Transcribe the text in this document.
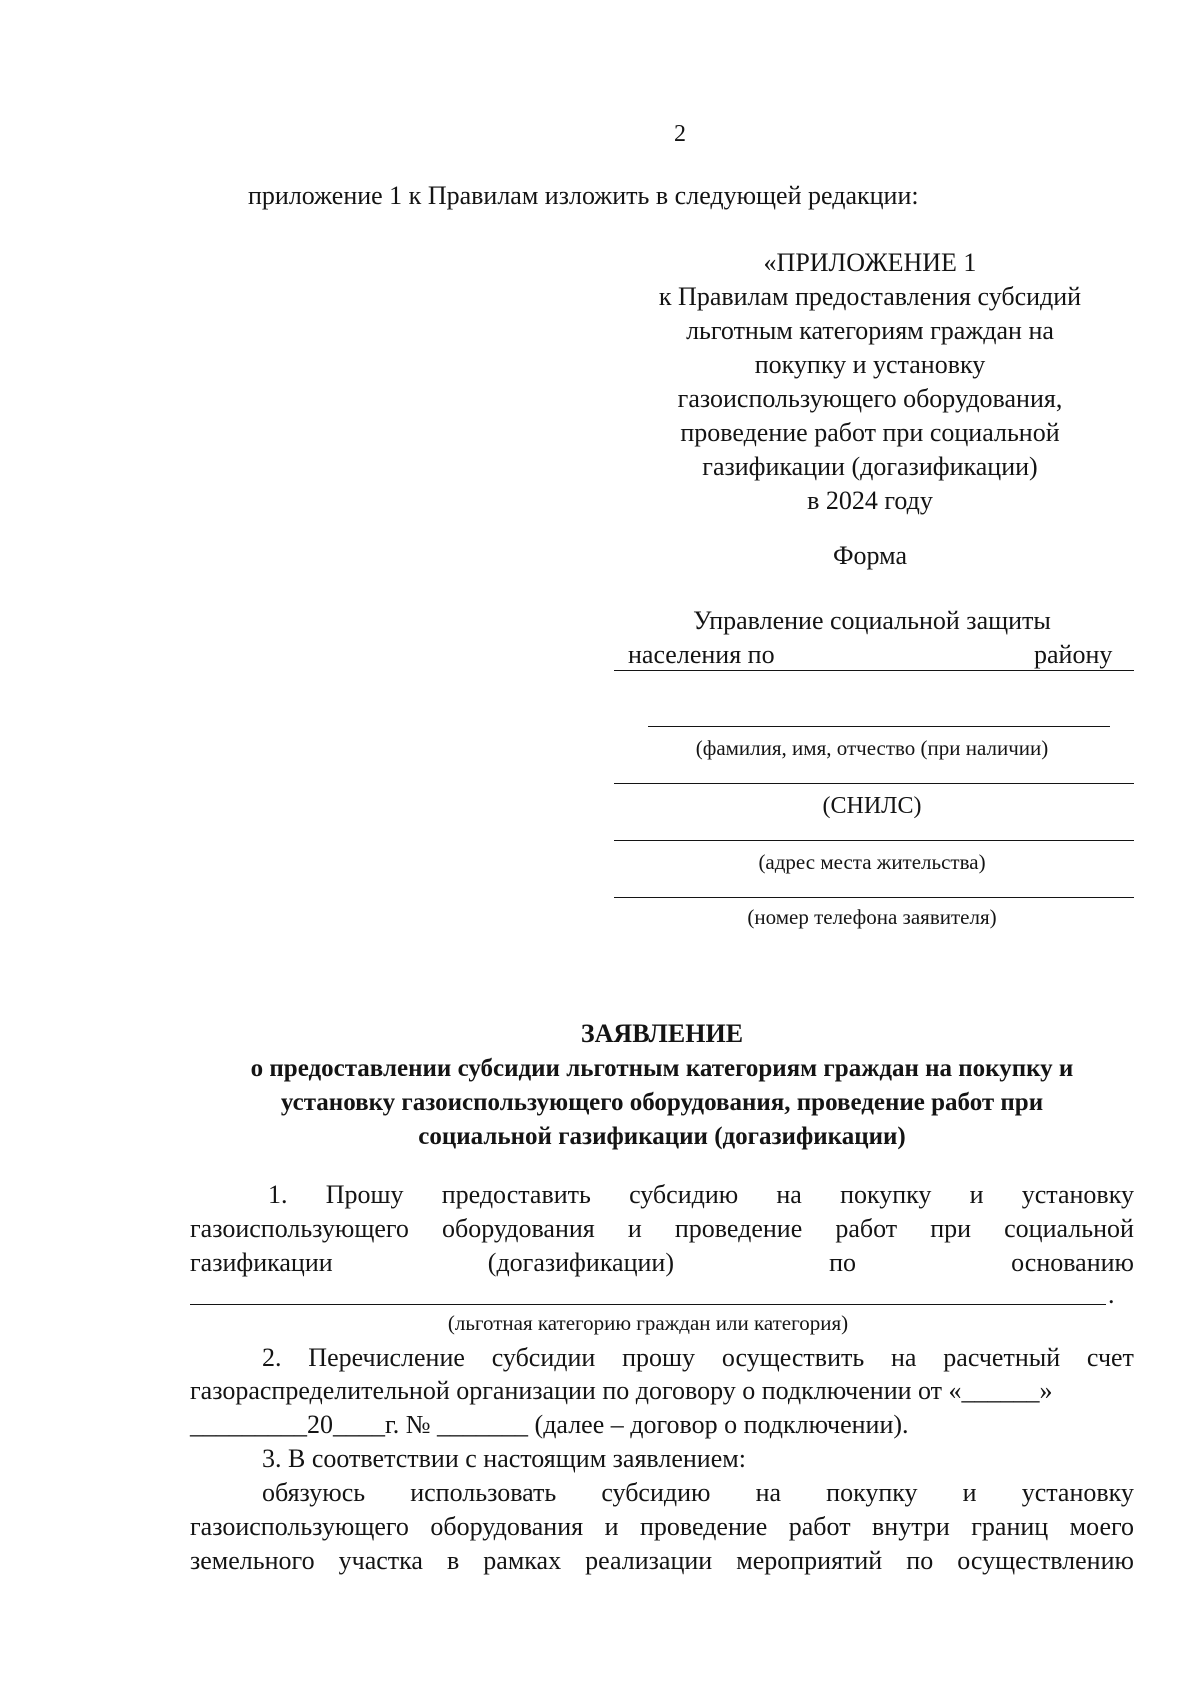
2
приложение 1 к Правилам изложить в следующей редакции:
«ПРИЛОЖЕНИЕ 1
к Правилам предоставления субсидий
льготным категориям граждан на
покупку и установку
газоиспользующего оборудования,
проведение работ при социальной
газификации (догазификации)
в 2024 году
Форма
Управление социальной защиты
населения по	району
(фамилия, имя, отчество (при наличии)
(СНИЛС)
(адрес места жительства)
(номер телефона заявителя)
ЗАЯВЛЕНИЕ
о предоставлении субсидии льготным категориям граждан на покупку и
установку газоиспользующего оборудования, проведение работ при
социальной газификации (догазификации)
1. Прошу предоставить субсидию на покупку и установку
газоиспользующего оборудования и проведение работ при социальной
газификации	(догазификации)	по	основанию
.
(льготная категорию граждан или категория)
2. Перечисление субсидии прошу осуществить на расчетный счет
газораспределительной организации по договору о подключении от «______»
_________20____г. № _______ (далее – договор о подключении).
3. В соответствии с настоящим заявлением:
обязуюсь использовать субсидию на покупку и установку
газоиспользующего оборудования и проведение работ внутри границ моего
земельного участка в рамках реализации мероприятий по осуществлению
